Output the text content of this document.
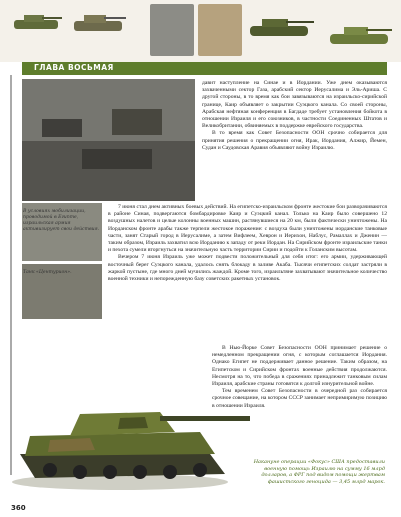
ГЛАВА ВОСЬМАЯ
В условиях мобилизации, проводимой в Египте, израильская армия активизирует свои действия.
Танк «Центурион».

давит наступление на Синае и в Иордании. Уже днем оказываются захваченными сектор Газа, арабский сектор Иерусалима и Эль-Ариша. С другой стороны, в то время как бои завязываются на израильско-сирийской границе, Каир объявляет о закрытии Суэцкого канала. Со своей стороны, Арабская нефтяная конференция в Багдаде требует установления бойкота в отношении Израиля и его союзников, в частности Соединенных Штатов и Великобритании, обвиняемых в поддержке еврейского государства.

В то время как Совет Безопасности ООН срочно собирается для принятия решения о прекращении огня, Ирак, Иордания, Алжир, Йемен, Судан и Саудовская Аравия объявляют войну Израилю.

7 июня стал днем активных боевых действий. На египетско-израильском фронте жестокие бои разворачиваются в районе Синая, подвергаются бомбардировке Каир и Суэцкий канал. Только на Каир было совершено 12 воздушных налетов и целые колонны военных машин, растянувшиеся на 20 км, были фактически уничтожены. На Иорданском фронте арабы также терпели жестокое поражение: с воздуха были уничтожены иорданские танковые части, занят Старый город в Иерусалиме, а затем Вифлеем, Хеврон и Иерихон, Наблус, Рамаллах и Дженин — таким образом, Израиль захватил всю Иорданию к западу от реки Иордан. На Сирийском фронте израильские танки и пехота сумели вторгнуться на значительную часть территории Сирии и подойти к Голанским высотам.

Вечером 7 июня Израиль уже может подвести положительный для себя итог: его армии, удерживающей восточный берег Суэцкого канала, удалось снять блокаду в заливе Акаба. Тысячи египетских солдат застряли в жаркой пустыне, где много дней мучились жаждой. Кроме того, израильтяне захватывают значительное количество военной техники и непорежденную базу советских ракетных установок.

В Нью-Йорке Совет Безопасности ООН принимает решение о немедленном прекращении огня, с которым соглашается Иордания. Однако Египет не поддерживает данное решение. Таким образом, на Египетском и Сирийском фронтах военные действия продолжаются. Несмотря на то, что победа в сражениях принадлежит танковым силам Израиля, арабские страны готовятся к долгой изнурительной войне.

Тем временем Совет Безопасности в очередной раз собирается срочное совещание, на котором СССР занимает непримиримую позицию в отношении Израиля.

Накануне операции «Фокус» США предоставили военную помощь Израилю на сумму 16 млрд долларов, а ФРГ под видом помощи жертвам фашистского геноцида — 3,45 млрд марок.
360
